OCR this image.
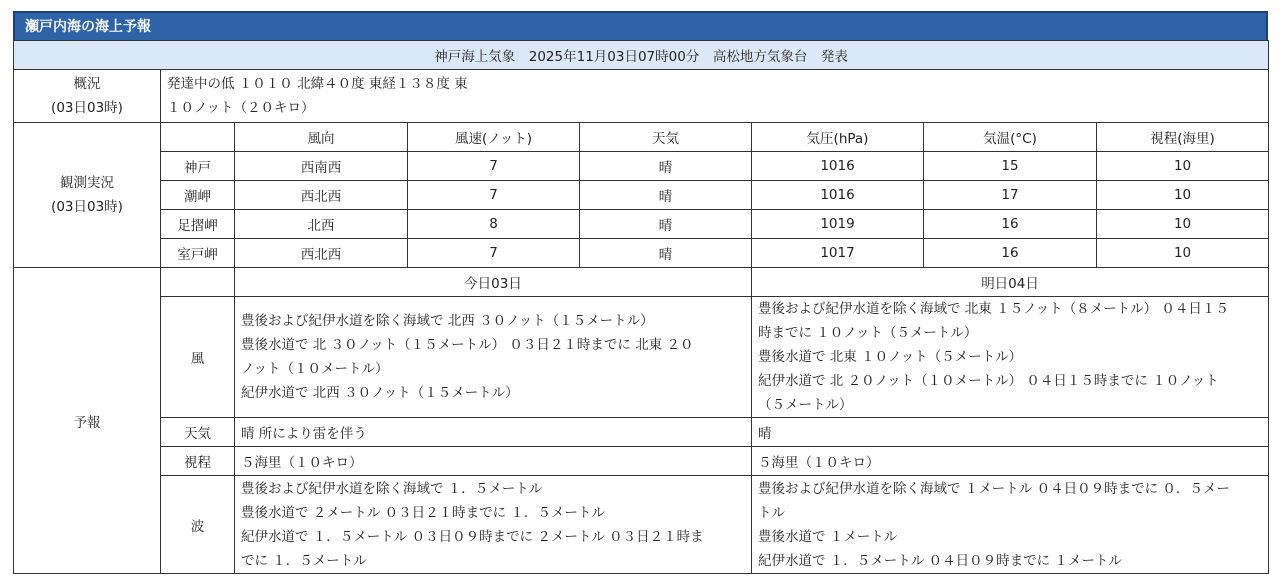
瀬戸内海の海上予報
神戸海上気象　2025年11月03日07時00分　高松地方気象台　発表							

概況
(03日03時)	発達中の低 １０１０ 北緯４０度 東経１３８度 東
１０ノット（２０キロ）						

観測実況
(03日03時)		風向	風速(ノット)	天気	気圧(hPa)	気温(°C)	視程(海里)
	神戸	西南西	7	晴	1016	15	10
	潮岬	西北西	7	晴	1016	17	10
	足摺岬	北西	8	晴	1019	16	10
	室戸岬	西北西	7	晴	1017	16	10
予報		今日03日			明日04日		
	風	豊後および紀伊水道を除く海域で 北西 ３０ノット（１５メートル）
豊後水道で 北 ３０ノット（１５メートル） ０３日２１時までに 北東 ２０
ノット（１０メートル）
紀伊水道で 北西 ３０ノット（１５メートル）			豊後および紀伊水道を除く海域で 北東 １５ノット（８メートル） ０４日１５
時までに １０ノット（５メートル）
豊後水道で 北東 １０ノット（５メートル）
紀伊水道で 北 ２０ノット（１０メートル） ０４日１５時までに １０ノット
（５メートル）		

	天気	晴 所により雷を伴う			晴		
	視程	５海里（１０キロ）			５海里（１０キロ）		
	波	豊後および紀伊水道を除く海域で １．５メートル
豊後水道で ２メートル ０３日２１時までに １．５メートル
紀伊水道で １．５メートル ０３日０９時までに ２メートル ０３日２１時ま
でに １．５メートル			豊後および紀伊水道を除く海域で １メートル ０４日０９時までに ０．５メー
トル
豊後水道で １メートル
紀伊水道で １．５メートル ０４日０９時までに １メートル		
